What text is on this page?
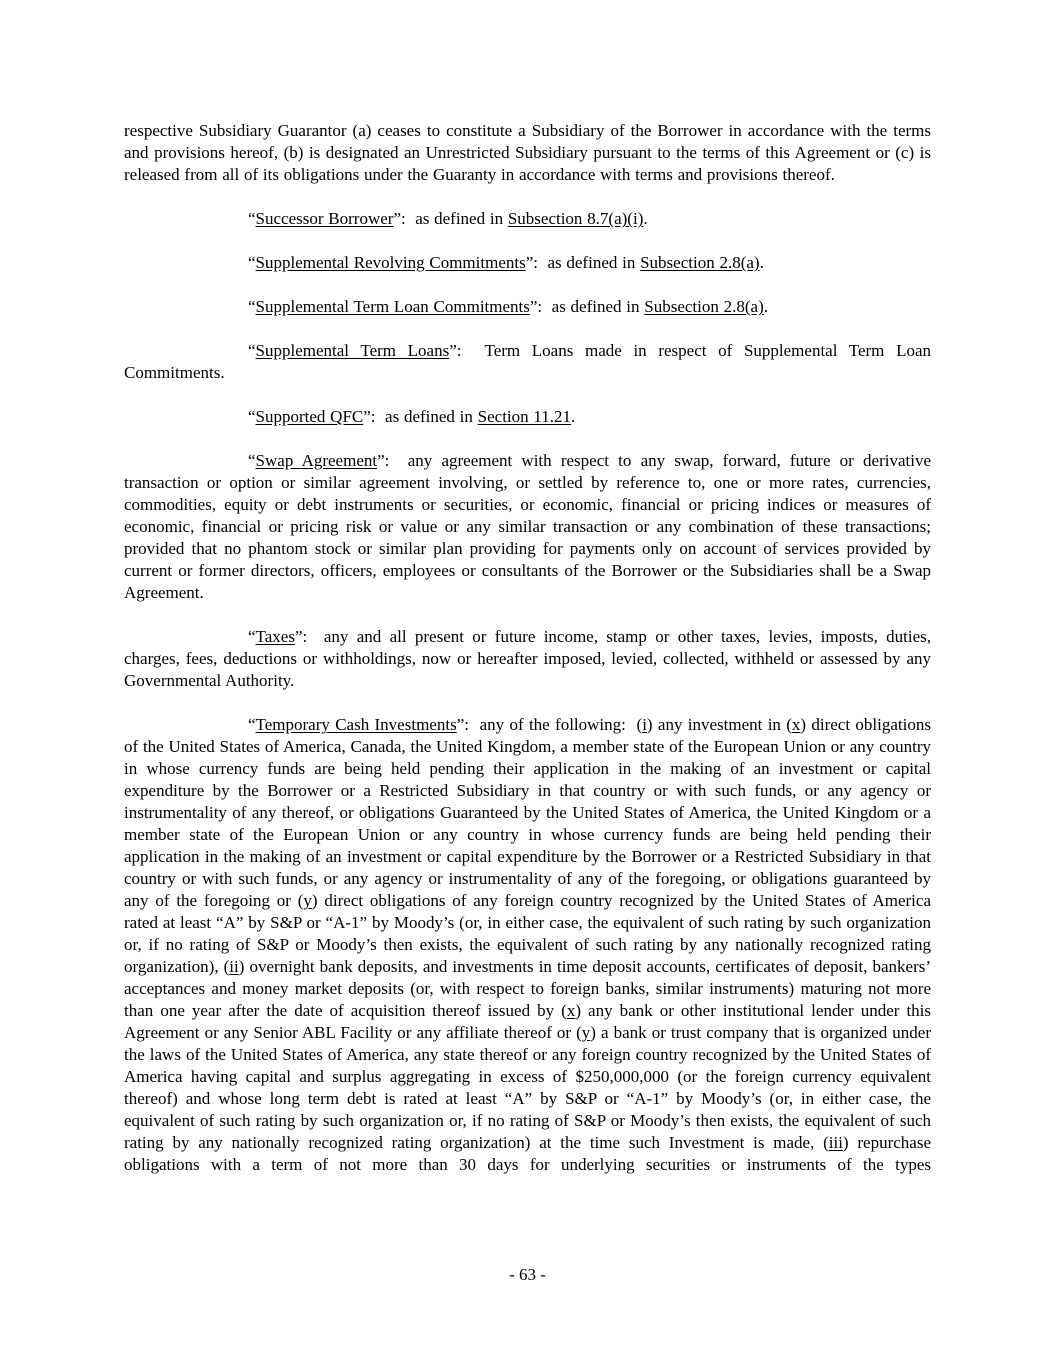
respective Subsidiary Guarantor (a) ceases to constitute a Subsidiary of the Borrower in accordance with the terms and provisions hereof, (b) is designated an Unrestricted Subsidiary pursuant to the terms of this Agreement or (c) is released from all of its obligations under the Guaranty in accordance with terms and provisions thereof.

“Successor Borrower”:  as defined in Subsection 8.7(a)(i).

“Supplemental Revolving Commitments”:  as defined in Subsection 2.8(a).

“Supplemental Term Loan Commitments”:  as defined in Subsection 2.8(a).

“Supplemental Term Loans”:  Term Loans made in respect of Supplemental Term Loan Commitments.

“Supported QFC”:  as defined in Section 11.21.

“Swap Agreement”:  any agreement with respect to any swap, forward, future or derivative transaction or option or similar agreement involving, or settled by reference to, one or more rates, currencies, commodities, equity or debt instruments or securities, or economic, financial or pricing indices or measures of economic, financial or pricing risk or value or any similar transaction or any combination of these transactions; provided that no phantom stock or similar plan providing for payments only on account of services provided by current or former directors, officers, employees or consultants of the Borrower or the Subsidiaries shall be a Swap Agreement.

“Taxes”:  any and all present or future income, stamp or other taxes, levies, imposts, duties, charges, fees, deductions or withholdings, now or hereafter imposed, levied, collected, withheld or assessed by any Governmental Authority.

“Temporary Cash Investments”:  any of the following:  (i) any investment in (x) direct obligations of the United States of America, Canada, the United Kingdom, a member state of the European Union or any country in whose currency funds are being held pending their application in the making of an investment or capital expenditure by the Borrower or a Restricted Subsidiary in that country or with such funds, or any agency or instrumentality of any thereof, or obligations Guaranteed by the United States of America, the United Kingdom or a member state of the European Union or any country in whose currency funds are being held pending their application in the making of an investment or capital expenditure by the Borrower or a Restricted Subsidiary in that country or with such funds, or any agency or instrumentality of any of the foregoing, or obligations guaranteed by any of the foregoing or (y) direct obligations of any foreign country recognized by the United States of America rated at least “A” by S&P or “A-1” by Moody’s (or, in either case, the equivalent of such rating by such organization or, if no rating of S&P or Moody’s then exists, the equivalent of such rating by any nationally recognized rating organization), (ii) overnight bank deposits, and investments in time deposit accounts, certificates of deposit, bankers’ acceptances and money market deposits (or, with respect to foreign banks, similar instruments) maturing not more than one year after the date of acquisition thereof issued by (x) any bank or other institutional lender under this Agreement or any Senior ABL Facility or any affiliate thereof or (y) a bank or trust company that is organized under the laws of the United States of America, any state thereof or any foreign country recognized by the United States of America having capital and surplus aggregating in excess of $250,000,000 (or the foreign currency equivalent thereof) and whose long term debt is rated at least “A” by S&P or “A-1” by Moody’s (or, in either case, the equivalent of such rating by such organization or, if no rating of S&P or Moody’s then exists, the equivalent of such rating by any nationally recognized rating organization) at the time such Investment is made, (iii) repurchase obligations with a term of not more than 30 days for underlying securities or instruments of the types

- 63 -
